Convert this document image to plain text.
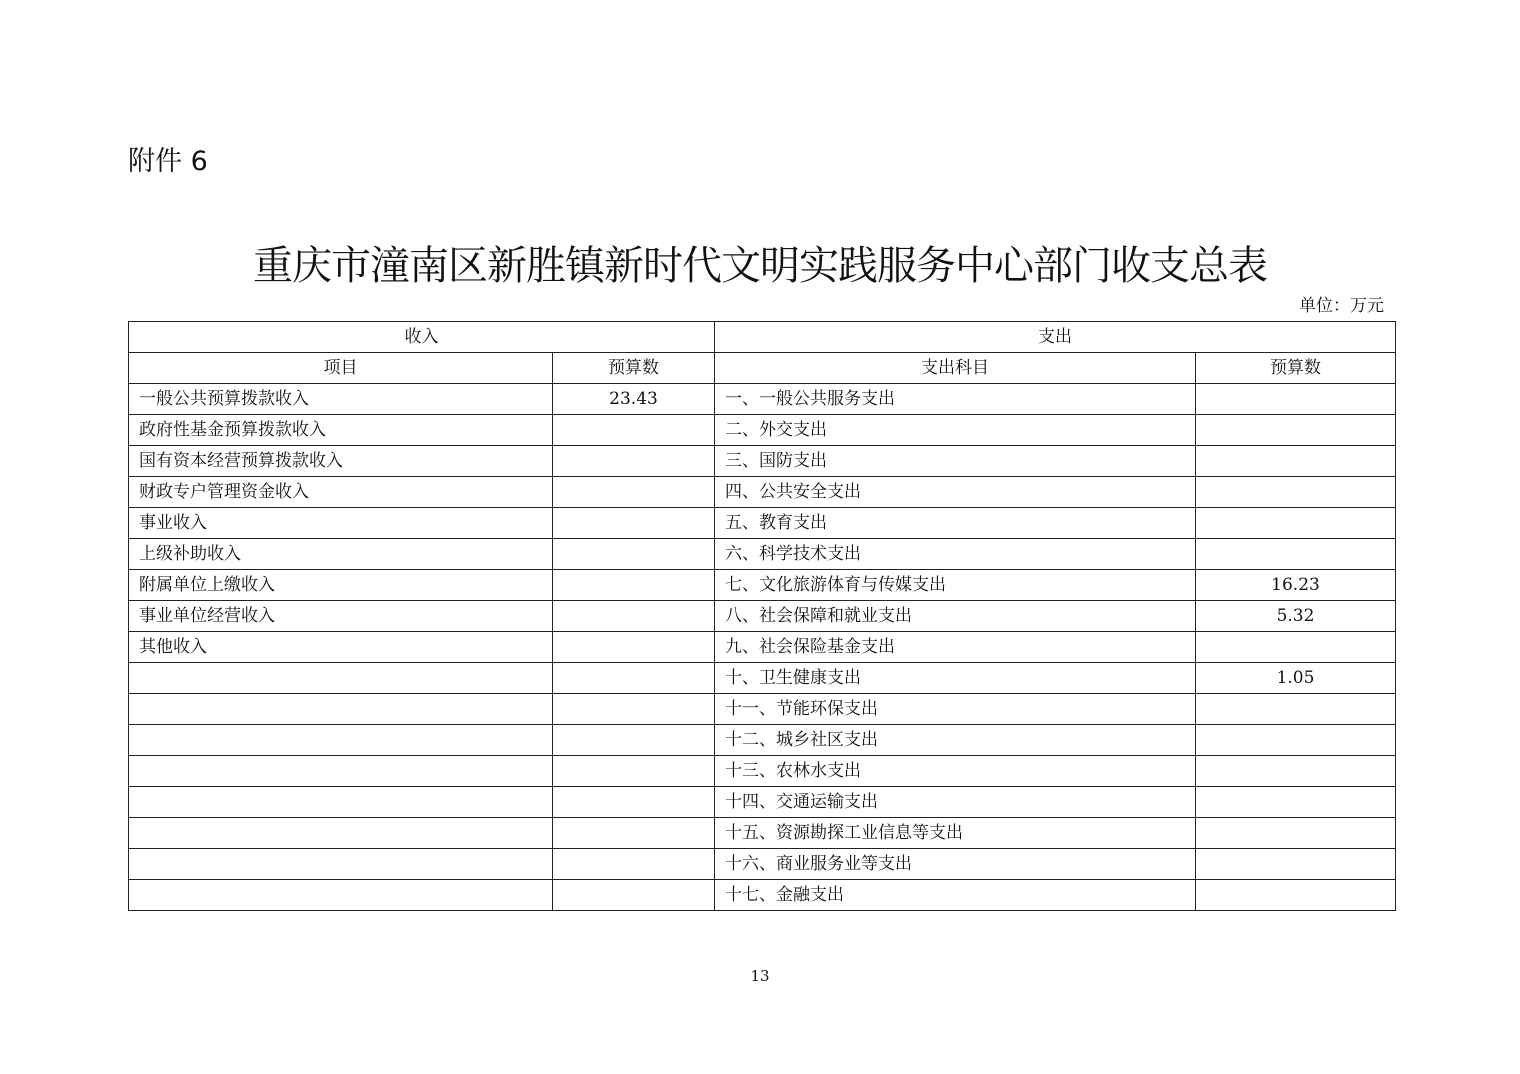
附件 6
重庆市潼南区新胜镇新时代文明实践服务中心部门收支总表
单位：万元
收入		支出	
项目	预算数	支出科目	预算数
一般公共预算拨款收入	23.43	一、一般公共服务支出	
政府性基金预算拨款收入		二、外交支出	
国有资本经营预算拨款收入		三、国防支出	
财政专户管理资金收入		四、公共安全支出	
事业收入		五、教育支出	
上级补助收入		六、科学技术支出	
附属单位上缴收入		七、文化旅游体育与传媒支出	16.23
事业单位经营收入		八、社会保障和就业支出	5.32
其他收入		九、社会保险基金支出	
		十、卫生健康支出	1.05
		十一、节能环保支出	
		十二、城乡社区支出	
		十三、农林水支出	
		十四、交通运输支出	
		十五、资源勘探工业信息等支出	
		十六、商业服务业等支出	
		十七、金融支出	
13
